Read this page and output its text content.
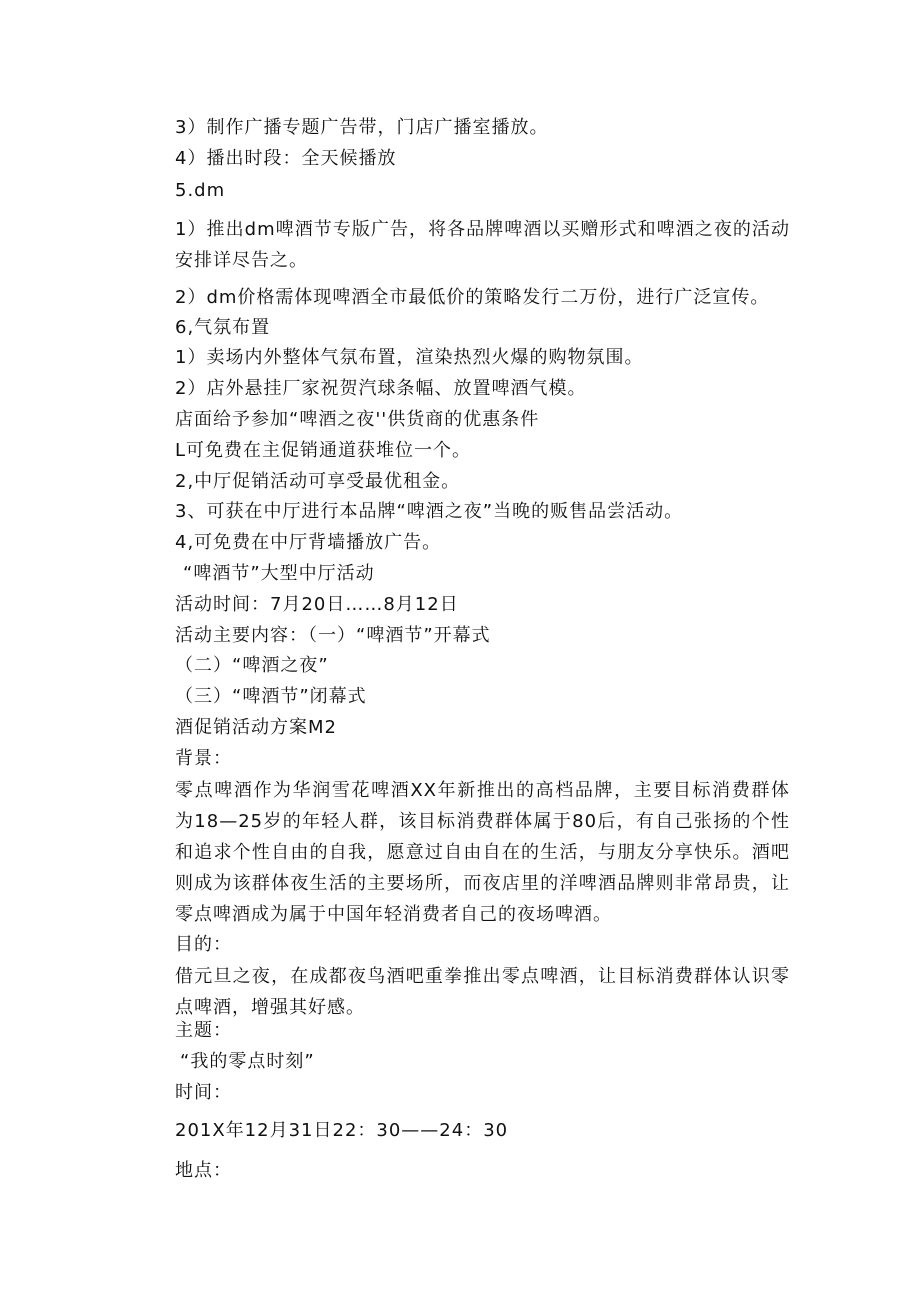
3）制作广播专题广告带，门店广播室播放。
4）播出时段：全天候播放
5.dm
1）推出dm啤酒节专版广告，将各品牌啤酒以买赠形式和啤酒之夜的活动安排详尽告之。
2）dm价格需体现啤酒全市最低价的策略发行二万份，进行广泛宣传。
6,气氛布置
1）卖场内外整体气氛布置，渲染热烈火爆的购物氛围。
2）店外悬挂厂家祝贺汽球条幅、放置啤酒气模。
店面给予参加“啤酒之夜''供货商的优惠条件
L可免费在主促销通道获堆位一个。
2,中厅促销活动可享受最优租金。
3、可获在中厅进行本品牌“啤酒之夜”当晚的贩售品尝活动。
4,可免费在中厅背墙播放广告。
“啤酒节”大型中厅活动
活动时间：7月20日……8月12日
活动主要内容：（一）“啤酒节”开幕式
（二）“啤酒之夜”
（三）“啤酒节”闭幕式
酒促销活动方案M2
背景：
零点啤酒作为华润雪花啤酒XX年新推出的高档品牌，主要目标消费群体为18—25岁的年轻人群，该目标消费群体属于80后，有自己张扬的个性和追求个性自由的自我，愿意过自由自在的生活，与朋友分享快乐。酒吧则成为该群体夜生活的主要场所，而夜店里的洋啤酒品牌则非常昂贵，让零点啤酒成为属于中国年轻消费者自己的夜场啤酒。
目的：
借元旦之夜，在成都夜鸟酒吧重拳推出零点啤酒，让目标消费群体认识零点啤酒，增强其好感。
主题：
“我的零点时刻”
时间：
201X年12月31日22：30——24：30
地点：
